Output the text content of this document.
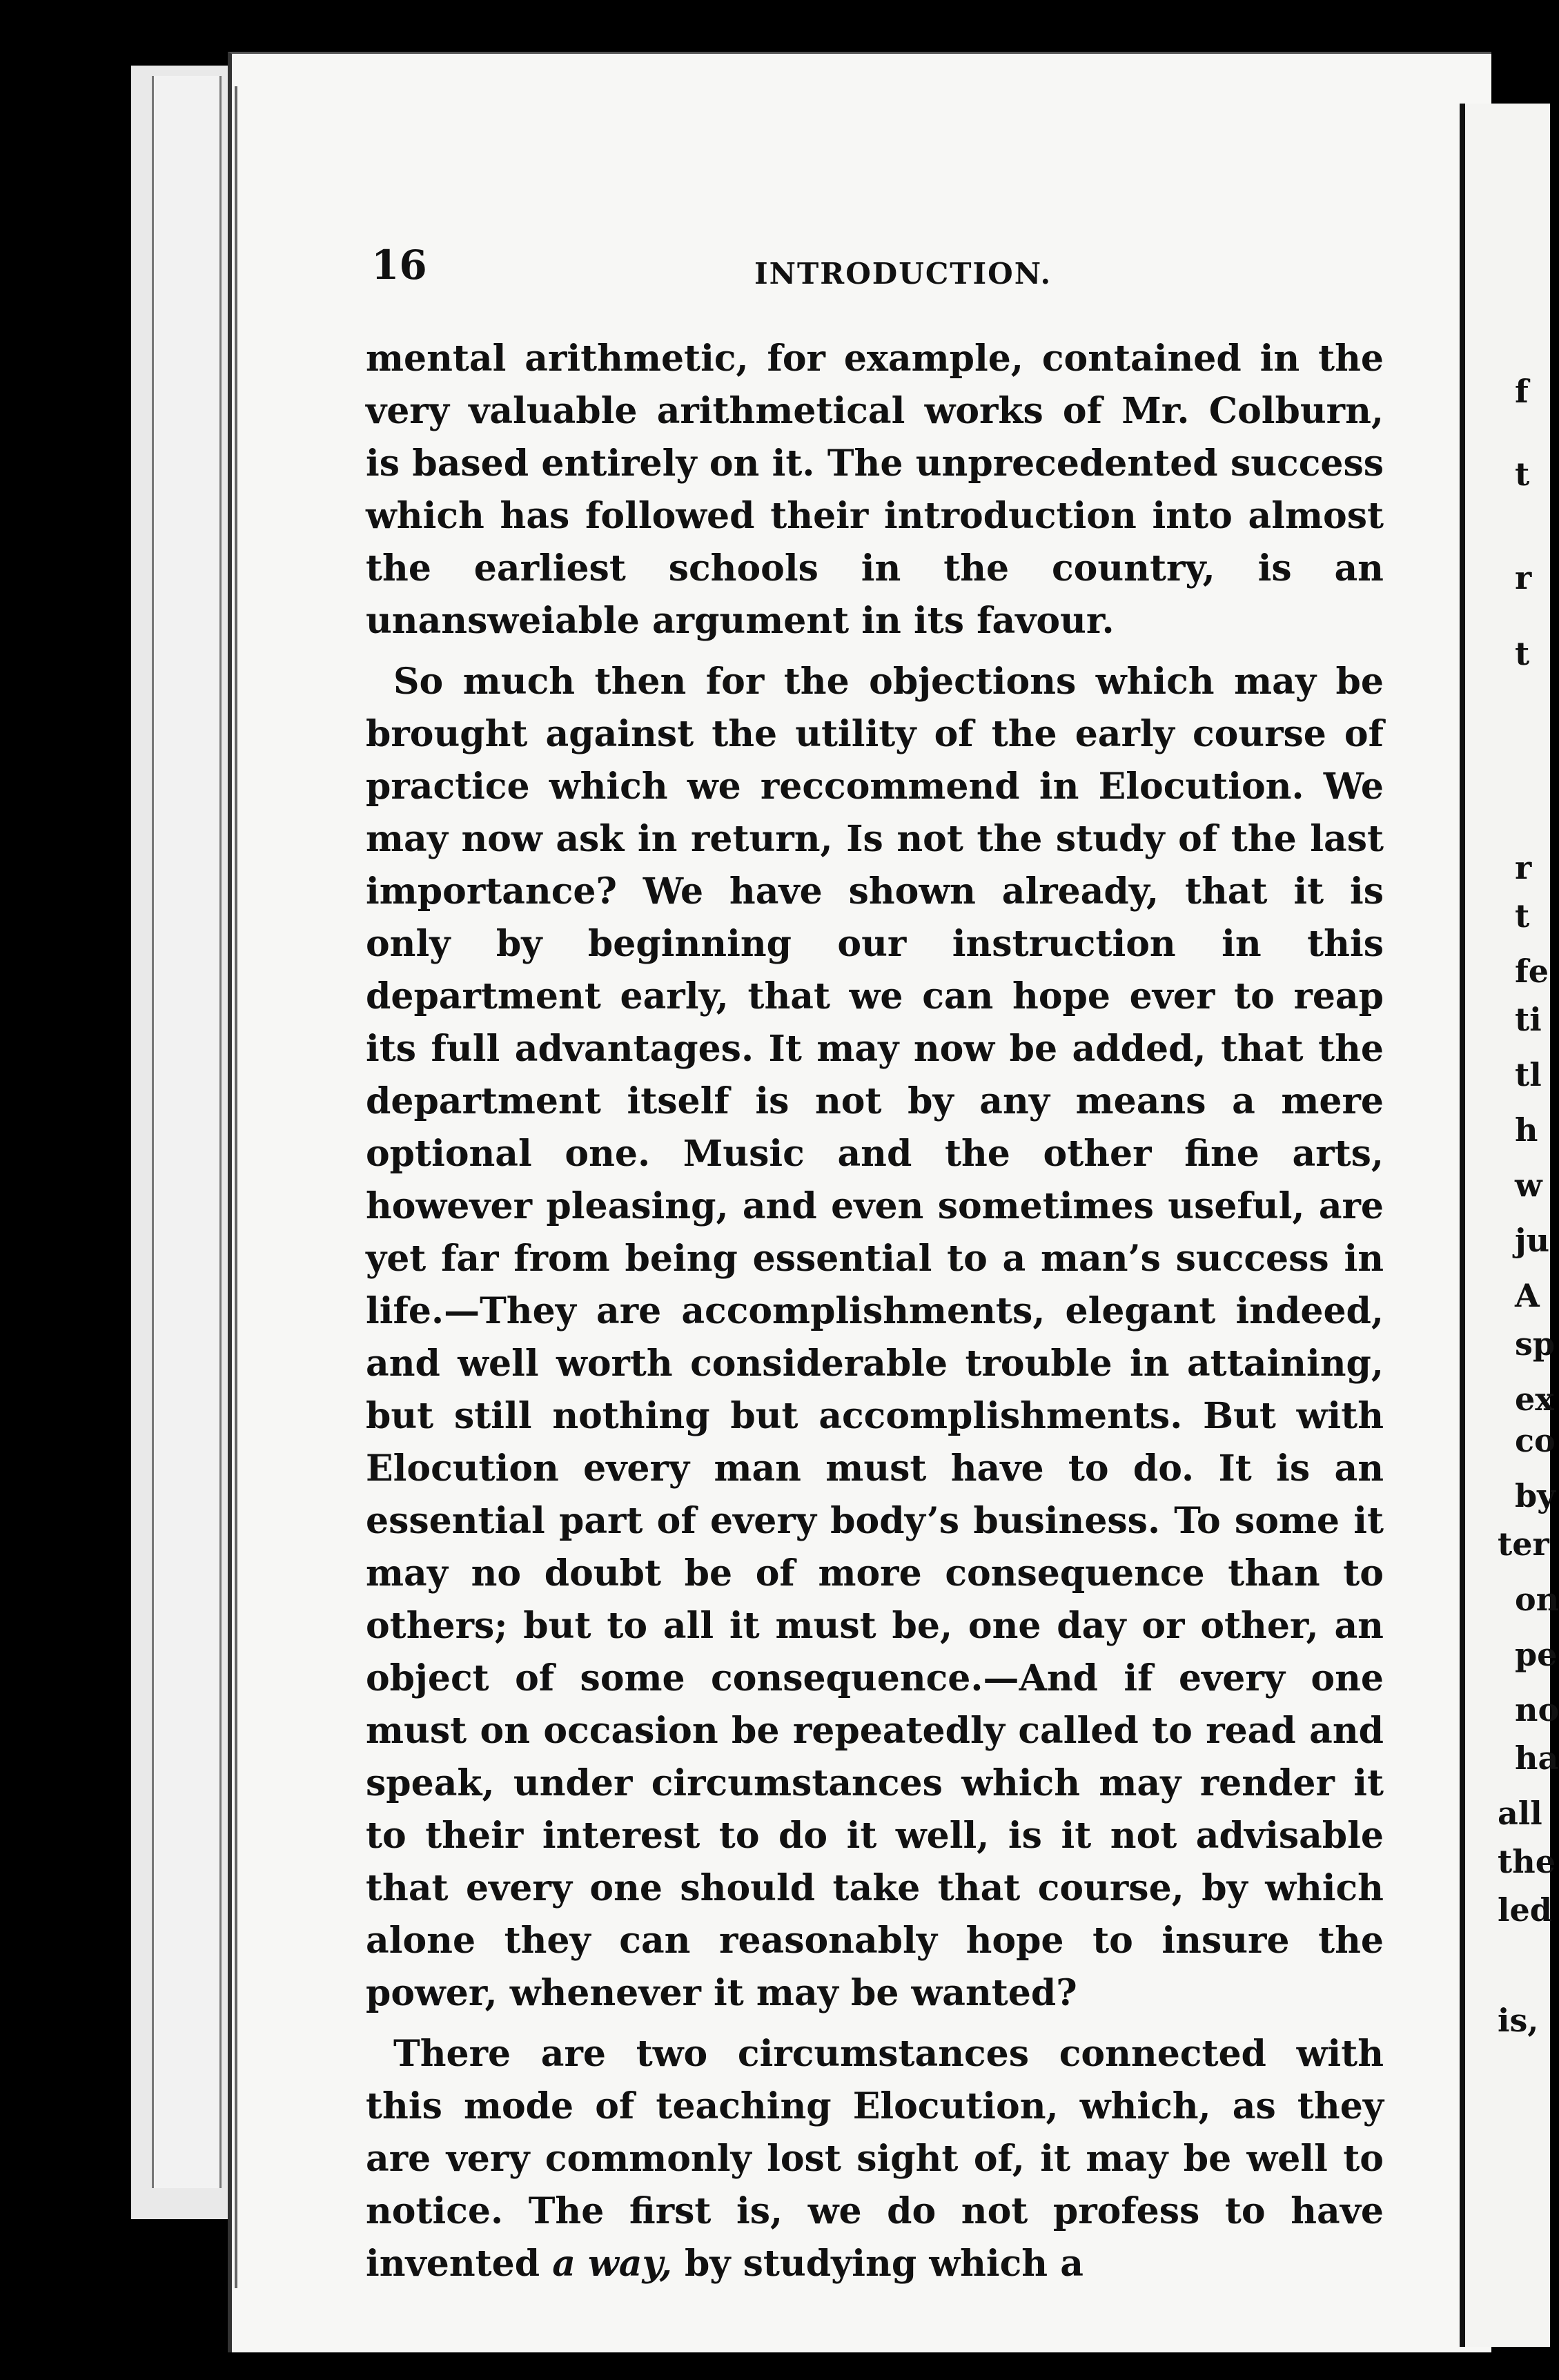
16	INTRODUCTION.

mental arithmetic, for example, contained in the very valuable arithmetical works of Mr. Colburn, is based entirely on it. The unprecedented success which has followed their introduction into almost the earliest schools in the country, is an unansweiable argument in its favour.

So much then for the objections which may be brought against the utility of the early course of practice which we reccommend in Elocution. We may now ask in return, Is not the study of the last importance? We have shown already, that it is only by beginning our instruction in this department early, that we can hope ever to reap its full advantages. It may now be added, that the department itself is not by any means a mere optional one. Music and the other fine arts, however pleasing, and even sometimes useful, are yet far from being essential to a man’s success in life.—They are accomplishments, elegant indeed, and well worth considerable trouble in attaining, but still nothing but accomplishments. But with Elocution every man must have to do. It is an essential part of every body’s business. To some it may no doubt be of more consequence than to others; but to all it must be, one day or other, an object of some consequence.—And if every one must on occasion be repeatedly called to read and speak, under circumstances which may render it to their interest to do it well, is it not advisable that every one should take that course, by which alone they can reasonably hope to insure the power, whenever it may be wanted?

There are two circumstances connected with this mode of teaching Elocution, which, as they are very commonly lost sight of, it may be well to notice. The first is, we do not profess to have invented a way, by studying which a

f
t
r
t
r
t
fe
ti
tl
h
w
ju
A
sp
ex
co
by
ter
on
pe
no
ha
all
the
led
is,
